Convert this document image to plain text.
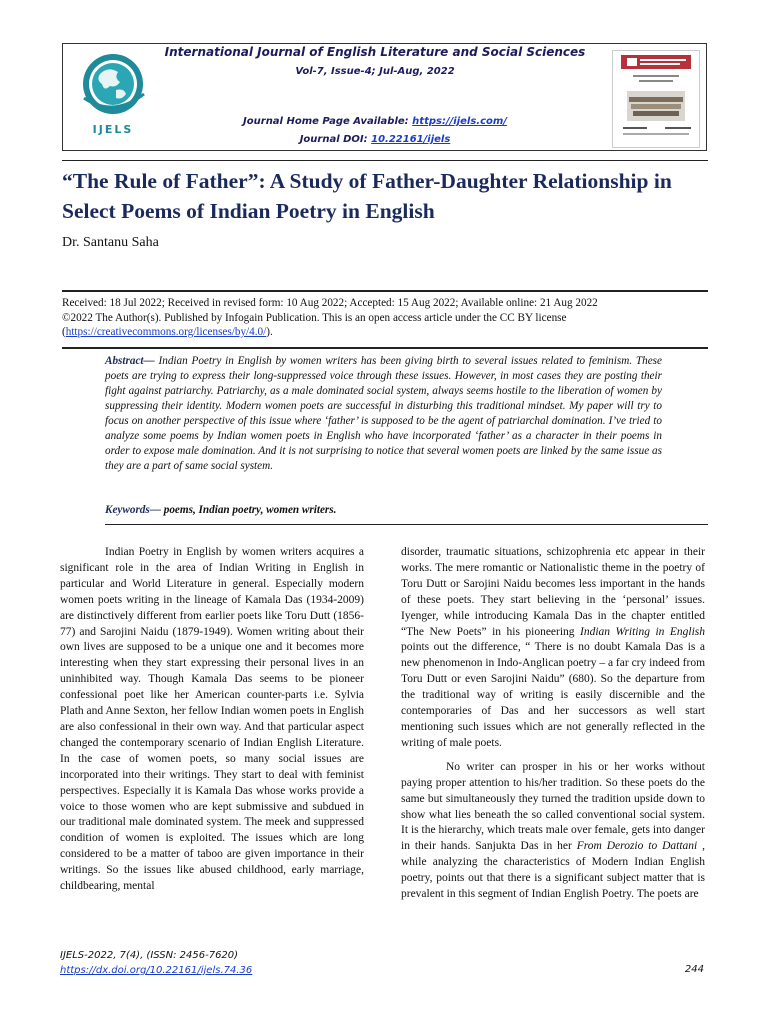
IJELS
International Journal of English Literature and Social Sciences
Vol-7, Issue-4; Jul-Aug, 2022
Journal Home Page Available: https://ijels.com/
Journal DOI: 10.22161/ijels
“The Rule of Father”: A Study of Father-Daughter Relationship in Select Poems of Indian Poetry in English
Dr. Santanu Saha
Received: 18 Jul 2022; Received in revised form: 10 Aug 2022; Accepted: 15 Aug 2022; Available online: 21 Aug 2022
©2022 The Author(s). Published by Infogain Publication. This is an open access article under the CC BY license
(https://creativecommons.org/licenses/by/4.0/).
Abstract— Indian Poetry in English by women writers has been giving birth to several issues related to feminism. These poets are trying to express their long-suppressed voice through these issues. However, in most cases they are posting their fight against patriarchy. Patriarchy, as a male dominated social system, always seems hostile to the liberation of women by suppressing their identity. Modern women poets are successful in disturbing this traditional mindset. My paper will try to focus on another perspective of this issue where ‘father’ is supposed to be the agent of patriarchal domination. I’ve tried to analyze some poems by Indian women poets in English who have incorporated ‘father’ as a character in their poems in order to expose male domination. And it is not surprising to notice that several women poets are linked by the same issue as they are a part of same social system.
Keywords— poems, Indian poetry, women writers.

Indian Poetry in English by women writers acquires a significant role in the area of Indian Writing in English in particular and World Literature in general. Especially modern women poets writing in the lineage of Kamala Das (1934-2009) are distinctively different from earlier poets like Toru Dutt (1856-77) and Sarojini Naidu (1879-1949). Women writing about their own lives are supposed to be a unique one and it becomes more interesting when they start expressing their personal lives in an uninhibited way. Though Kamala Das seems to be pioneer confessional poet like her American counter-parts i.e. Sylvia Plath and Anne Sexton, her fellow Indian women poets in English are also confessional in their own way. And that particular aspect changed the contemporary scenario of Indian English Literature. In the case of women poets, so many social issues are incorporated into their writings. They start to deal with feminist perspectives. Especially it is Kamala Das whose works provide a voice to those women who are kept submissive and subdued in our traditional male dominated system. The meek and suppressed condition of women is exploited. The issues which are long considered to be a matter of taboo are given importance in their writings. So the issues like abused childhood, early marriage, childbearing, mental

disorder, traumatic situations, schizophrenia etc appear in their works. The mere romantic or Nationalistic theme in the poetry of Toru Dutt or Sarojini Naidu becomes less important in the hands of these poets. They start believing in the ‘personal’ issues. Iyenger, while introducing Kamala Das in the chapter entitled “The New Poets” in his pioneering Indian Writing in English points out the difference, “ There is no doubt Kamala Das is a new phenomenon in Indo-Anglican poetry – a far cry indeed from Toru Dutt or even Sarojini Naidu” (680). So the departure from the traditional way of writing is easily discernible and the contemporaries of Das and her successors as well start mentioning such issues which are not generally reflected in the writing of male poets.

No writer can prosper in his or her works without paying proper attention to his/her tradition. So these poets do the same but simultaneously they turned the tradition upside down to show what lies beneath the so called conventional social system. It is the hierarchy, which treats male over female, gets into danger in their hands. Sanjukta Das in her From Derozio to Dattani , while analyzing the characteristics of Modern Indian English poetry, points out that there is a significant subject matter that is prevalent in this segment of Indian English Poetry. The poets are

IJELS-2022, 7(4), (ISSN: 2456-7620)
https://dx.doi.org/10.22161/ijels.74.36	244
